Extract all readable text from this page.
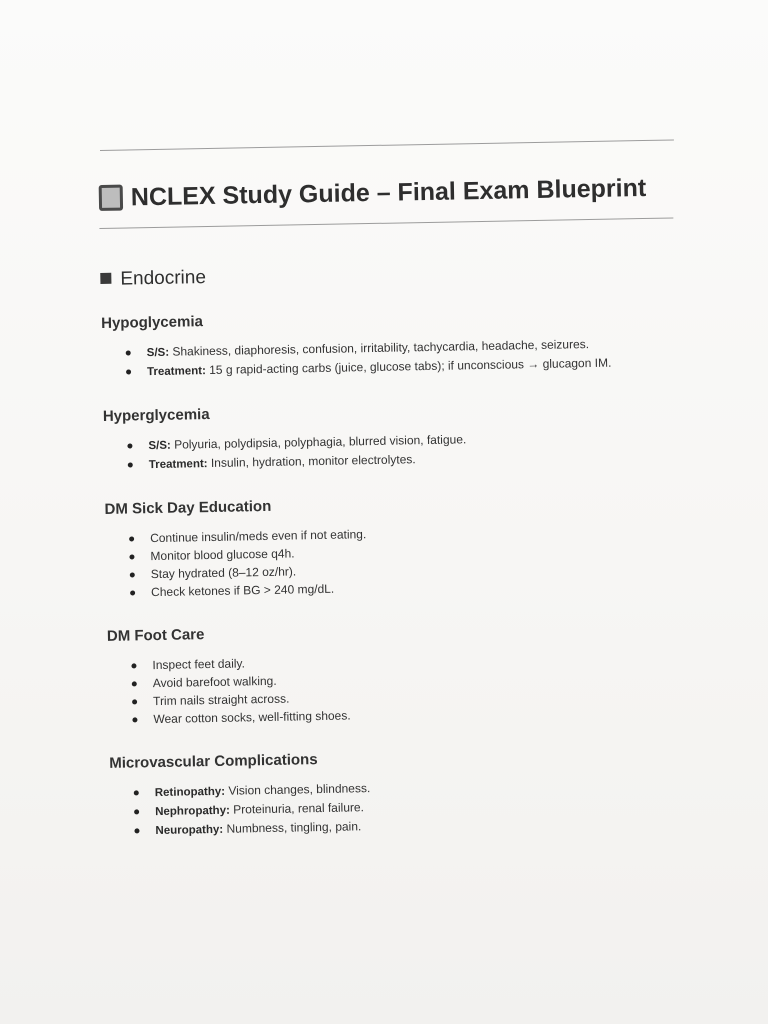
NCLEX Study Guide – Final Exam Blueprint
Endocrine
Hypoglycemia
S/S: Shakiness, diaphoresis, confusion, irritability, tachycardia, headache, seizures.
Treatment: 15 g rapid-acting carbs (juice, glucose tabs); if unconscious → glucagon IM.
Hyperglycemia
S/S: Polyuria, polydipsia, polyphagia, blurred vision, fatigue.
Treatment: Insulin, hydration, monitor electrolytes.
DM Sick Day Education
Continue insulin/meds even if not eating.
Monitor blood glucose q4h.
Stay hydrated (8–12 oz/hr).
Check ketones if BG > 240 mg/dL.
DM Foot Care
Inspect feet daily.
Avoid barefoot walking.
Trim nails straight across.
Wear cotton socks, well-fitting shoes.
Microvascular Complications
Retinopathy: Vision changes, blindness.
Nephropathy: Proteinuria, renal failure.
Neuropathy: Numbness, tingling, pain.
